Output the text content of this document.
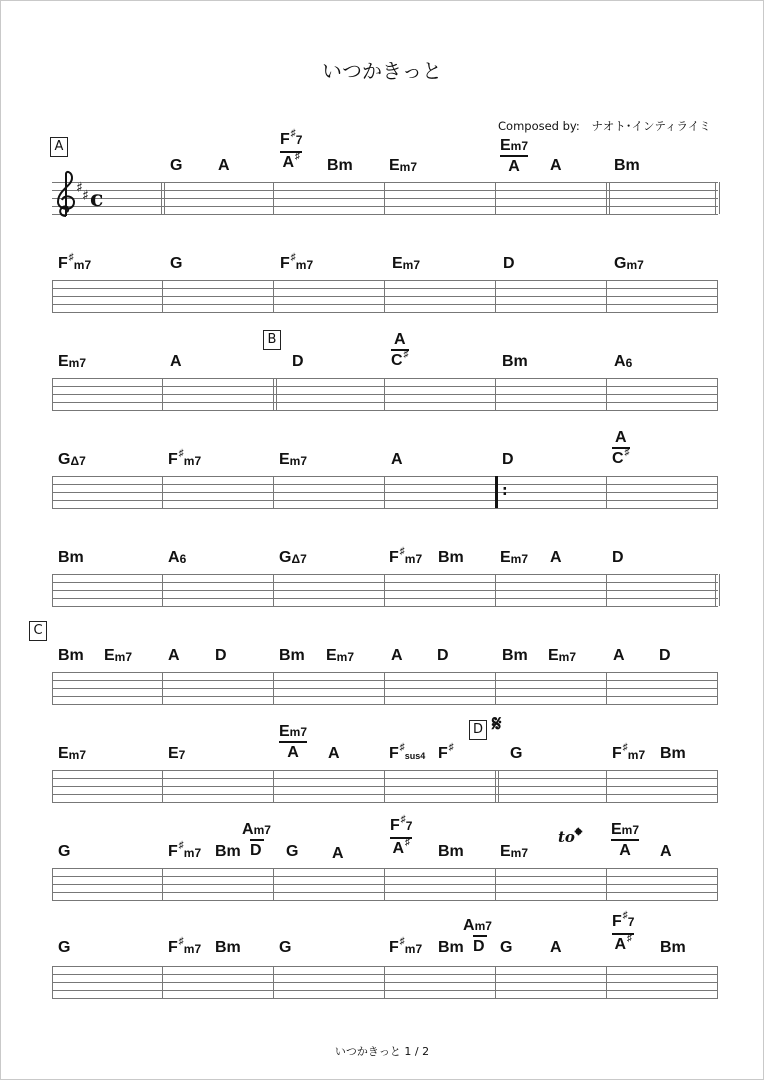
いつかきっと
Composed by: ナオト･インティライミ
A
♯ ♯ c
G A
F♯7
A♯
Bm Em7
Em7
A	A	Bm
F♯m7	G	F♯m7	Em7	D	Gm7
B
Em7	A	D
A
C♯	Bm	A6
:
GΔ7	F♯m7	Em7	A	D
A
C♯
Bm	A6	GΔ7	F♯m7 Bm Em7 A	D
C
Bm Em7 A D	Bm Em7 A D	Bm Em7 A D
D 𝄋
Em7	E7
Em7
A	A	F♯sus4 F♯	G	F♯m7 Bm
G	F♯m7 Bm
Am7
D	G A
F♯7
A♯
Bm Em7
to𝄌 Em7
A	A
G	F♯m7 Bm G	F♯m7 Bm
Am7
D G A
F♯7
A♯
Bm
いつかきっと 1 / 2
